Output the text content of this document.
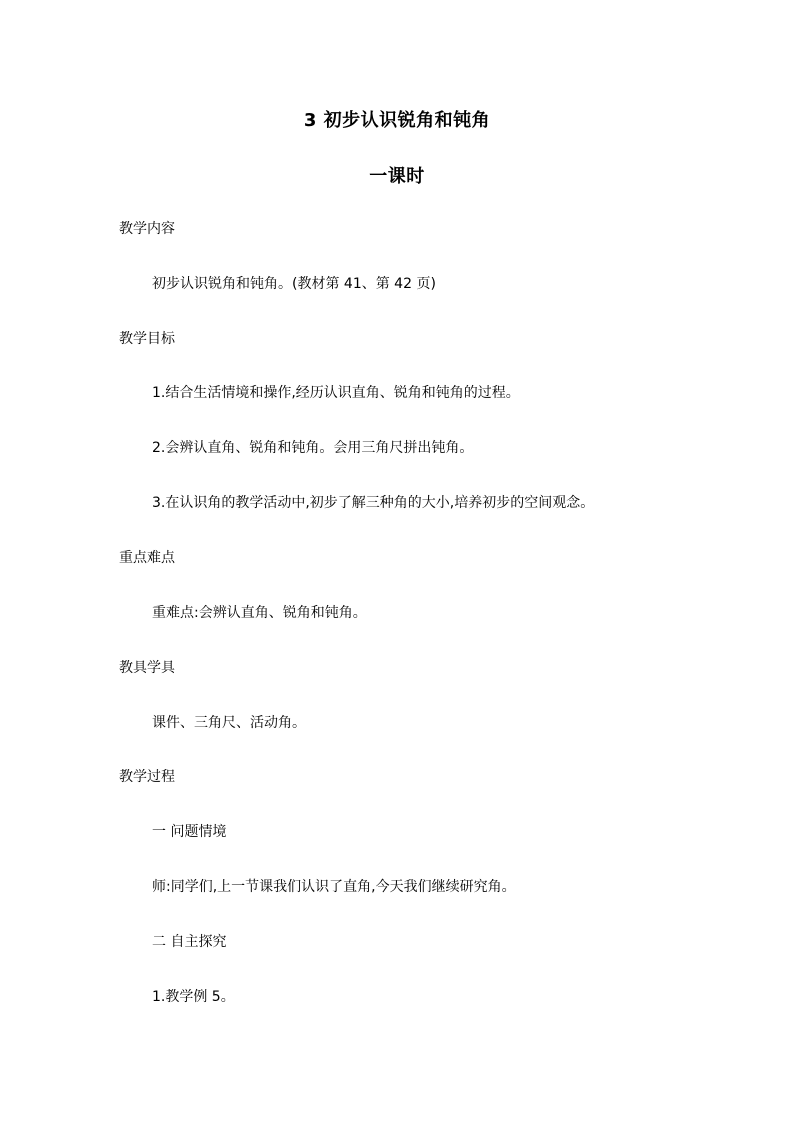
3 初步认识锐角和钝角
一课时
教学内容
初步认识锐角和钝角。(教材第 41、第 42 页)
教学目标
1.结合生活情境和操作,经历认识直角、锐角和钝角的过程。
2.会辨认直角、锐角和钝角。会用三角尺拼出钝角。
3.在认识角的教学活动中,初步了解三种角的大小,培养初步的空间观念。
重点难点
重难点:会辨认直角、锐角和钝角。
教具学具
课件、三角尺、活动角。
教学过程
一 问题情境
师:同学们,上一节课我们认识了直角,今天我们继续研究角。
二 自主探究
1.教学例 5。
